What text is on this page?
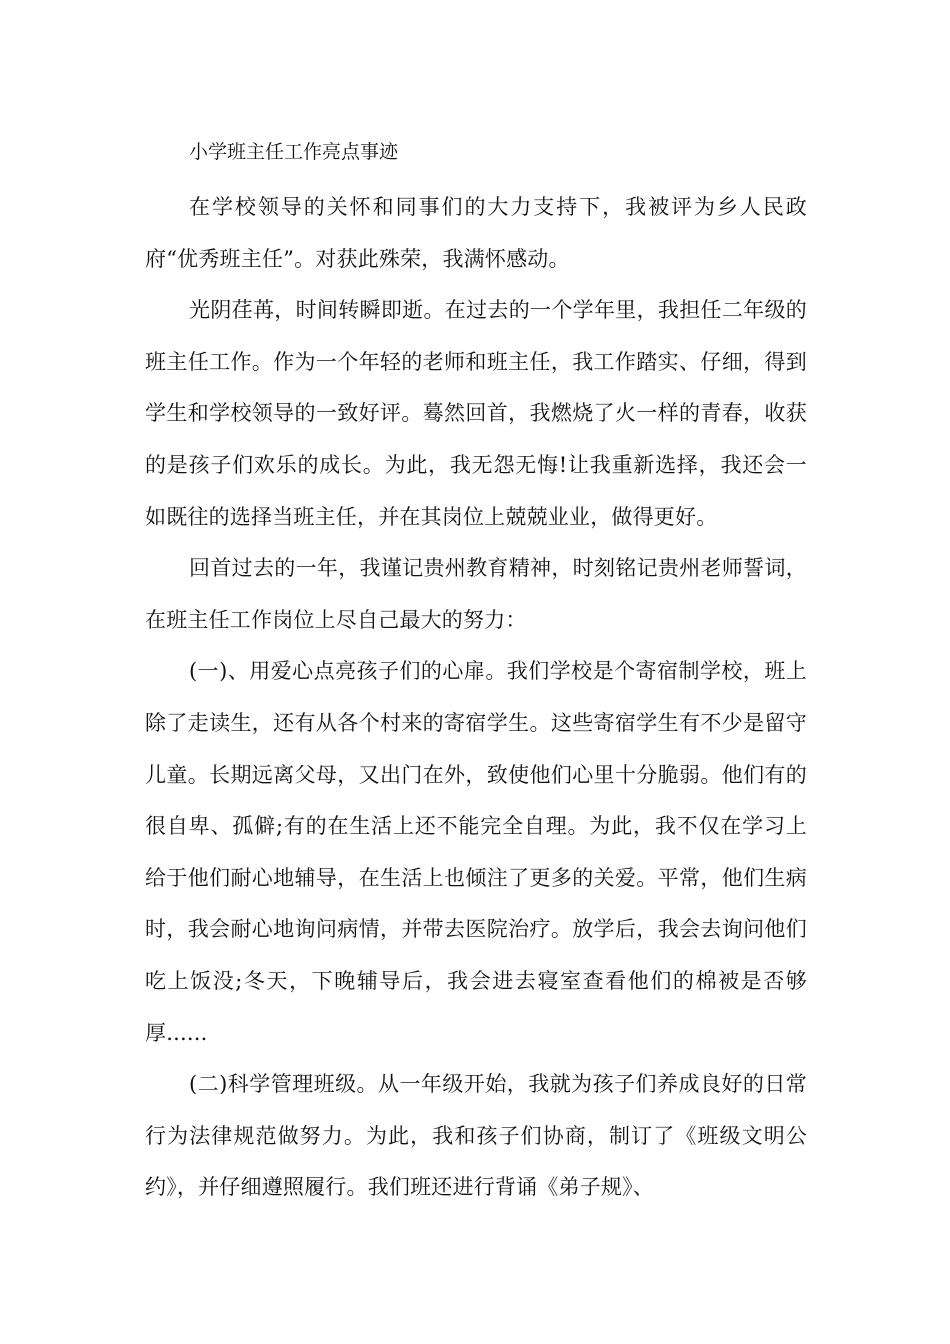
小学班主任工作亮点事迹

在学校领导的关怀和同事们的大力支持下，我被评为乡人民政府“优秀班主任”。对获此殊荣，我满怀感动。

光阴荏苒，时间转瞬即逝。在过去的一个学年里，我担任二年级的班主任工作。作为一个年轻的老师和班主任，我工作踏实、仔细，得到学生和学校领导的一致好评。蓦然回首，我燃烧了火一样的青春，收获的是孩子们欢乐的成长。为此，我无怨无悔!让我重新选择，我还会一如既往的选择当班主任，并在其岗位上兢兢业业，做得更好。

回首过去的一年，我谨记贵州教育精神，时刻铭记贵州老师誓词，在班主任工作岗位上尽自己最大的努力：

(一)、用爱心点亮孩子们的心扉。我们学校是个寄宿制学校，班上除了走读生，还有从各个村来的寄宿学生。这些寄宿学生有不少是留守儿童。长期远离父母，又出门在外，致使他们心里十分脆弱。他们有的很自卑、孤僻;有的在生活上还不能完全自理。为此，我不仅在学习上给于他们耐心地辅导，在生活上也倾注了更多的关爱。平常，他们生病时，我会耐心地询问病情，并带去医院治疗。放学后，我会去询问他们吃上饭没;冬天，下晚辅导后，我会进去寝室查看他们的棉被是否够厚......

(二)科学管理班级。从一年级开始，我就为孩子们养成良好的日常行为法律规范做努力。为此，我和孩子们协商，制订了《班级文明公约》，并仔细遵照履行。我们班还进行背诵《弟子规》、
